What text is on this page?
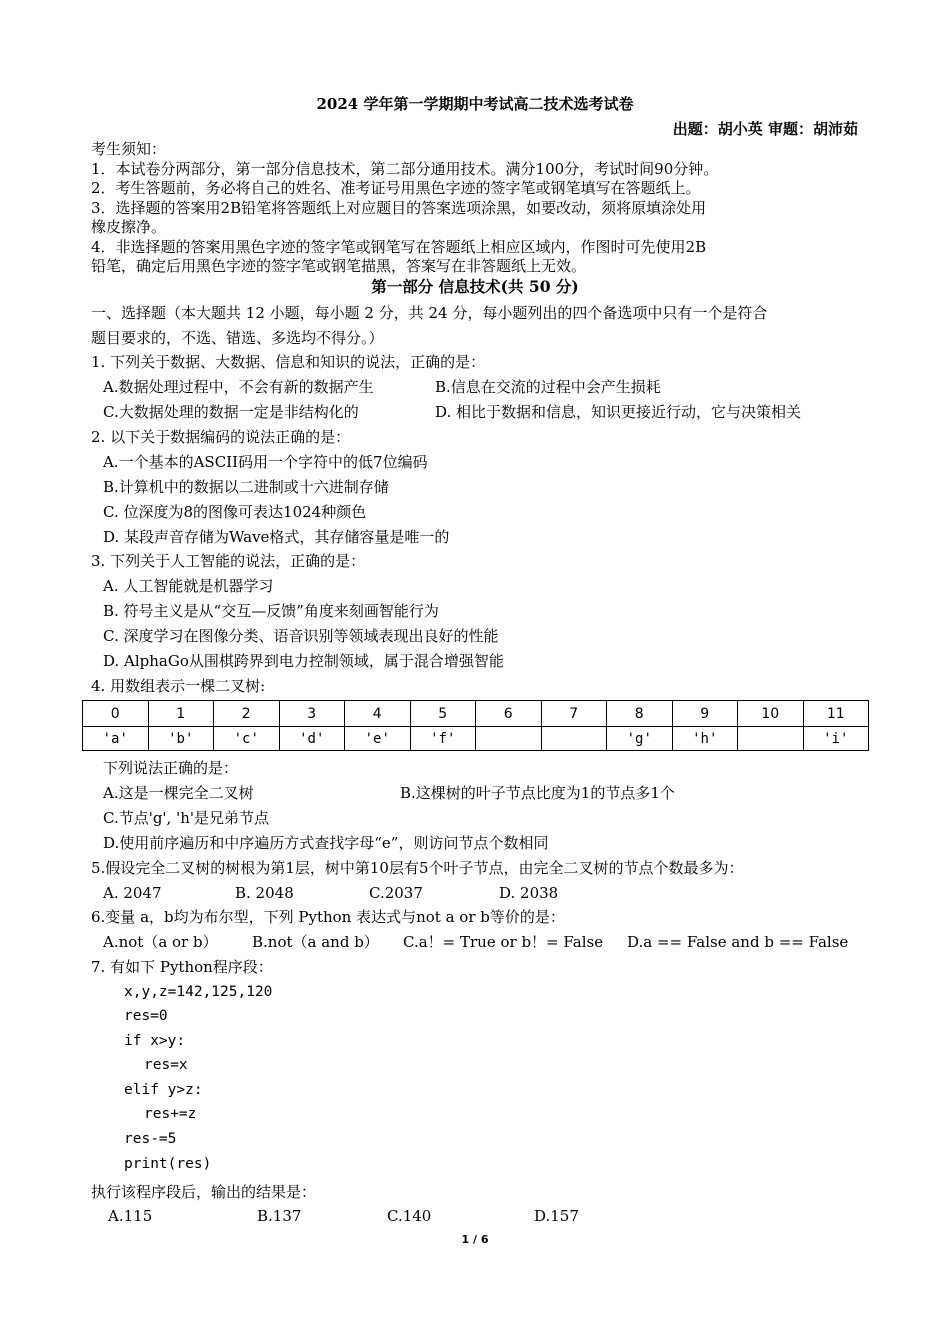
2024 学年第一学期期中考试高二技术选考试卷
出题：胡小英 审题：胡沛茹
考生须知：
1．本试卷分两部分，第一部分信息技术，第二部分通用技术。满分100分，考试时间90分钟。
2．考生答题前，务必将自己的姓名、准考证号用黑色字迹的签字笔或钢笔填写在答题纸上。
3．选择题的答案用2B铅笔将答题纸上对应题目的答案选项涂黑，如要改动，须将原填涂处用
橡皮擦净。
4．非选择题的答案用黑色字迹的签字笔或钢笔写在答题纸上相应区域内，作图时可先使用2B
铅笔，确定后用黑色字迹的签字笔或钢笔描黑，答案写在非答题纸上无效。
第一部分 信息技术(共 50 分)
一、选择题（本大题共 12 小题，每小题 2 分，共 24 分，每小题列出的四个备选项中只有一个是符合
题目要求的，不选、错选、多选均不得分。）
1. 下列关于数据、大数据、信息和知识的说法，正确的是：
A.数据处理过程中，不会有新的数据产生	B.信息在交流的过程中会产生损耗
C.大数据处理的数据一定是非结构化的	D. 相比于数据和信息，知识更接近行动，它与决策相关
2. 以下关于数据编码的说法正确的是：
A.一个基本的ASCII码用一个字符中的低7位编码
B.计算机中的数据以二进制或十六进制存储
C. 位深度为8的图像可表达1024种颜色
D. 某段声音存储为Wave格式，其存储容量是唯一的
3. 下列关于人工智能的说法，正确的是：
A. 人工智能就是机器学习
B. 符号主义是从“交互—反馈”角度来刻画智能行为
C. 深度学习在图像分类、语音识别等领域表现出良好的性能
D. AlphaGo从围棋跨界到电力控制领域，属于混合增强智能
4. 用数组表示一棵二叉树:
0	1	2	3	4	5	6	7	8	9	10	11
'a'	'b'	'c'	'd'	'e'	'f'			'g'	'h'		'i'
下列说法正确的是：
A.这是一棵完全二叉树	B.这棵树的叶子节点比度为1的节点多1个
C.节点'g', 'h'是兄弟节点
D.使用前序遍历和中序遍历方式查找字母“e”，则访问节点个数相同
5.假设完全二叉树的树根为第1层，树中第10层有5个叶子节点，由完全二叉树的节点个数最多为：
A. 2047	B. 2048	C.2037	D. 2038
6.变量 a，b均为布尔型，下列 Python 表达式与not a or b等价的是：
A.not（a or b） B.not（a and b） C.a！= True or b！= False D.a == False and b == False
7. 有如下 Python程序段：
x,y,z=142,125,120
res=0
if x>y:
res=x
elif y>z:
res+=z
res-=5
print(res)
执行该程序段后，输出的结果是：
A.115	B.137	C.140	D.157
1 / 6
